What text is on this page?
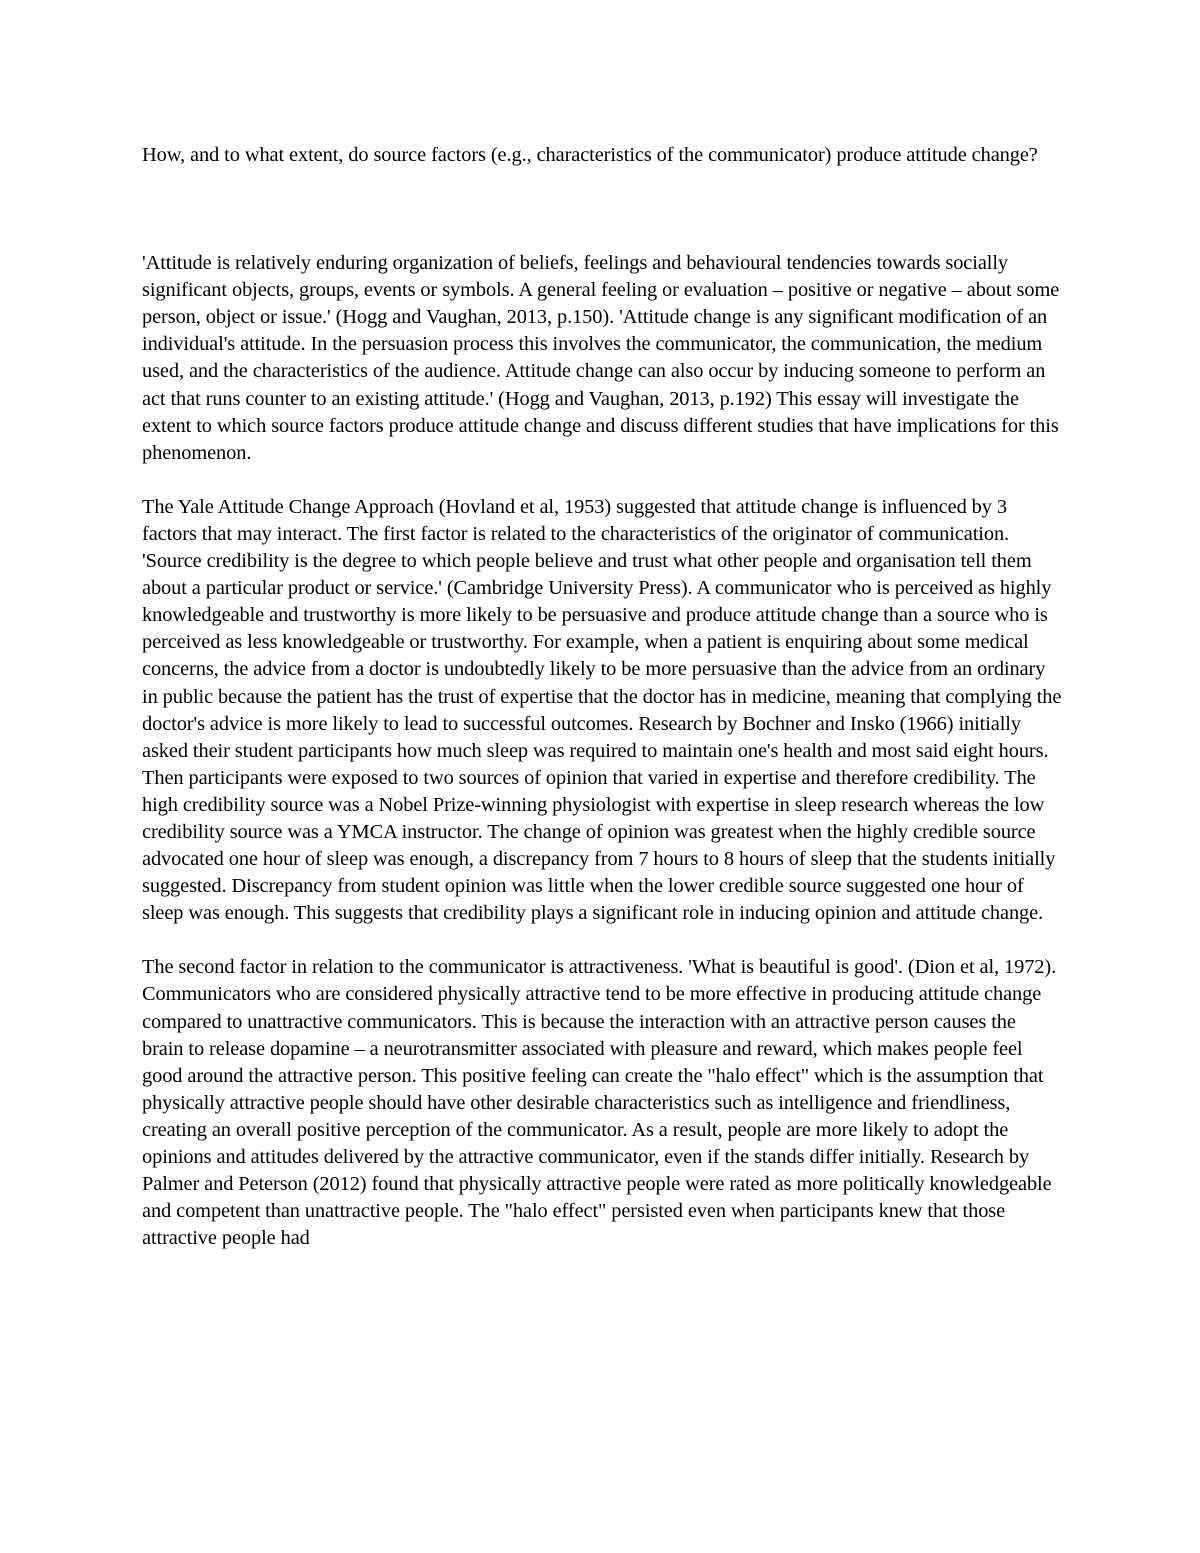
How, and to what extent, do source factors (e.g., characteristics of the communicator) produce attitude change?

'Attitude is relatively enduring organization of beliefs, feelings and behavioural tendencies towards socially significant objects, groups, events or symbols. A general feeling or evaluation – positive or negative – about some person, object or issue.' (Hogg and Vaughan, 2013, p.150). 'Attitude change is any significant modification of an individual's attitude. In the persuasion process this involves the communicator, the communication, the medium used, and the characteristics of the audience. Attitude change can also occur by inducing someone to perform an act that runs counter to an existing attitude.' (Hogg and Vaughan, 2013, p.192) This essay will investigate the extent to which source factors produce attitude change and discuss different studies that have implications for this phenomenon.

The Yale Attitude Change Approach (Hovland et al, 1953) suggested that attitude change is influenced by 3 factors that may interact. The first factor is related to the characteristics of the originator of communication. 'Source credibility is the degree to which people believe and trust what other people and organisation tell them about a particular product or service.' (Cambridge University Press). A communicator who is perceived as highly knowledgeable and trustworthy is more likely to be persuasive and produce attitude change than a source who is perceived as less knowledgeable or trustworthy. For example, when a patient is enquiring about some medical concerns, the advice from a doctor is undoubtedly likely to be more persuasive than the advice from an ordinary in public because the patient has the trust of expertise that the doctor has in medicine, meaning that complying the doctor's advice is more likely to lead to successful outcomes. Research by Bochner and Insko (1966) initially asked their student participants how much sleep was required to maintain one's health and most said eight hours. Then participants were exposed to two sources of opinion that varied in expertise and therefore credibility. The high credibility source was a Nobel Prize-winning physiologist with expertise in sleep research whereas the low credibility source was a YMCA instructor. The change of opinion was greatest when the highly credible source advocated one hour of sleep was enough, a discrepancy from 7 hours to 8 hours of sleep that the students initially suggested. Discrepancy from student opinion was little when the lower credible source suggested one hour of sleep was enough. This suggests that credibility plays a significant role in inducing opinion and attitude change.

The second factor in relation to the communicator is attractiveness. 'What is beautiful is good'. (Dion et al, 1972). Communicators who are considered physically attractive tend to be more effective in producing attitude change compared to unattractive communicators. This is because the interaction with an attractive person causes the brain to release dopamine – a neurotransmitter associated with pleasure and reward, which makes people feel good around the attractive person. This positive feeling can create the "halo effect" which is the assumption that physically attractive people should have other desirable characteristics such as intelligence and friendliness, creating an overall positive perception of the communicator. As a result, people are more likely to adopt the opinions and attitudes delivered by the attractive communicator, even if the stands differ initially. Research by Palmer and Peterson (2012) found that physically attractive people were rated as more politically knowledgeable and competent than unattractive people. The "halo effect" persisted even when participants knew that those attractive people had
